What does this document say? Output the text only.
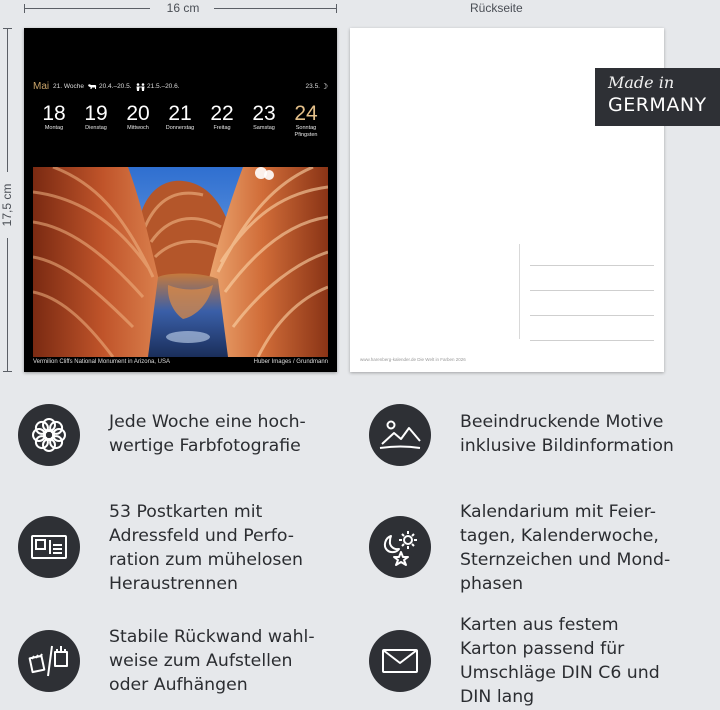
16 cm	Rückseite
17,5 cm
Mai 21. Woche 20.4.–20.5. 21.5.–20.6.	23.5. ☽
18
Montag
19
Dienstag
20
Mittwoch
21
Donnerstag
22
Freitag
23
Samstag
24
Sonntag
Pfingsten
Vermilion Cliffs National Monument in Arizona, USA	Huber Images / Grundmann	www.harenberg-kalender.de Die Welt in Farben 2026
Made in
GERMANY
Jede Woche eine hoch-
wertige Farbfotografie
Beeindruckende Motive
inklusive Bildinformation
53 Postkarten mit
Adressfeld und Perfo-
ration zum mühelosen
Heraustrennen
Kalendarium mit Feier-
tagen, Kalenderwoche,
Sternzeichen und Mond-
phasen
Stabile Rückwand wahl-
weise zum Aufstellen
oder Aufhängen
Karten aus festem
Karton passend für
Umschläge DIN C6 und
DIN lang
